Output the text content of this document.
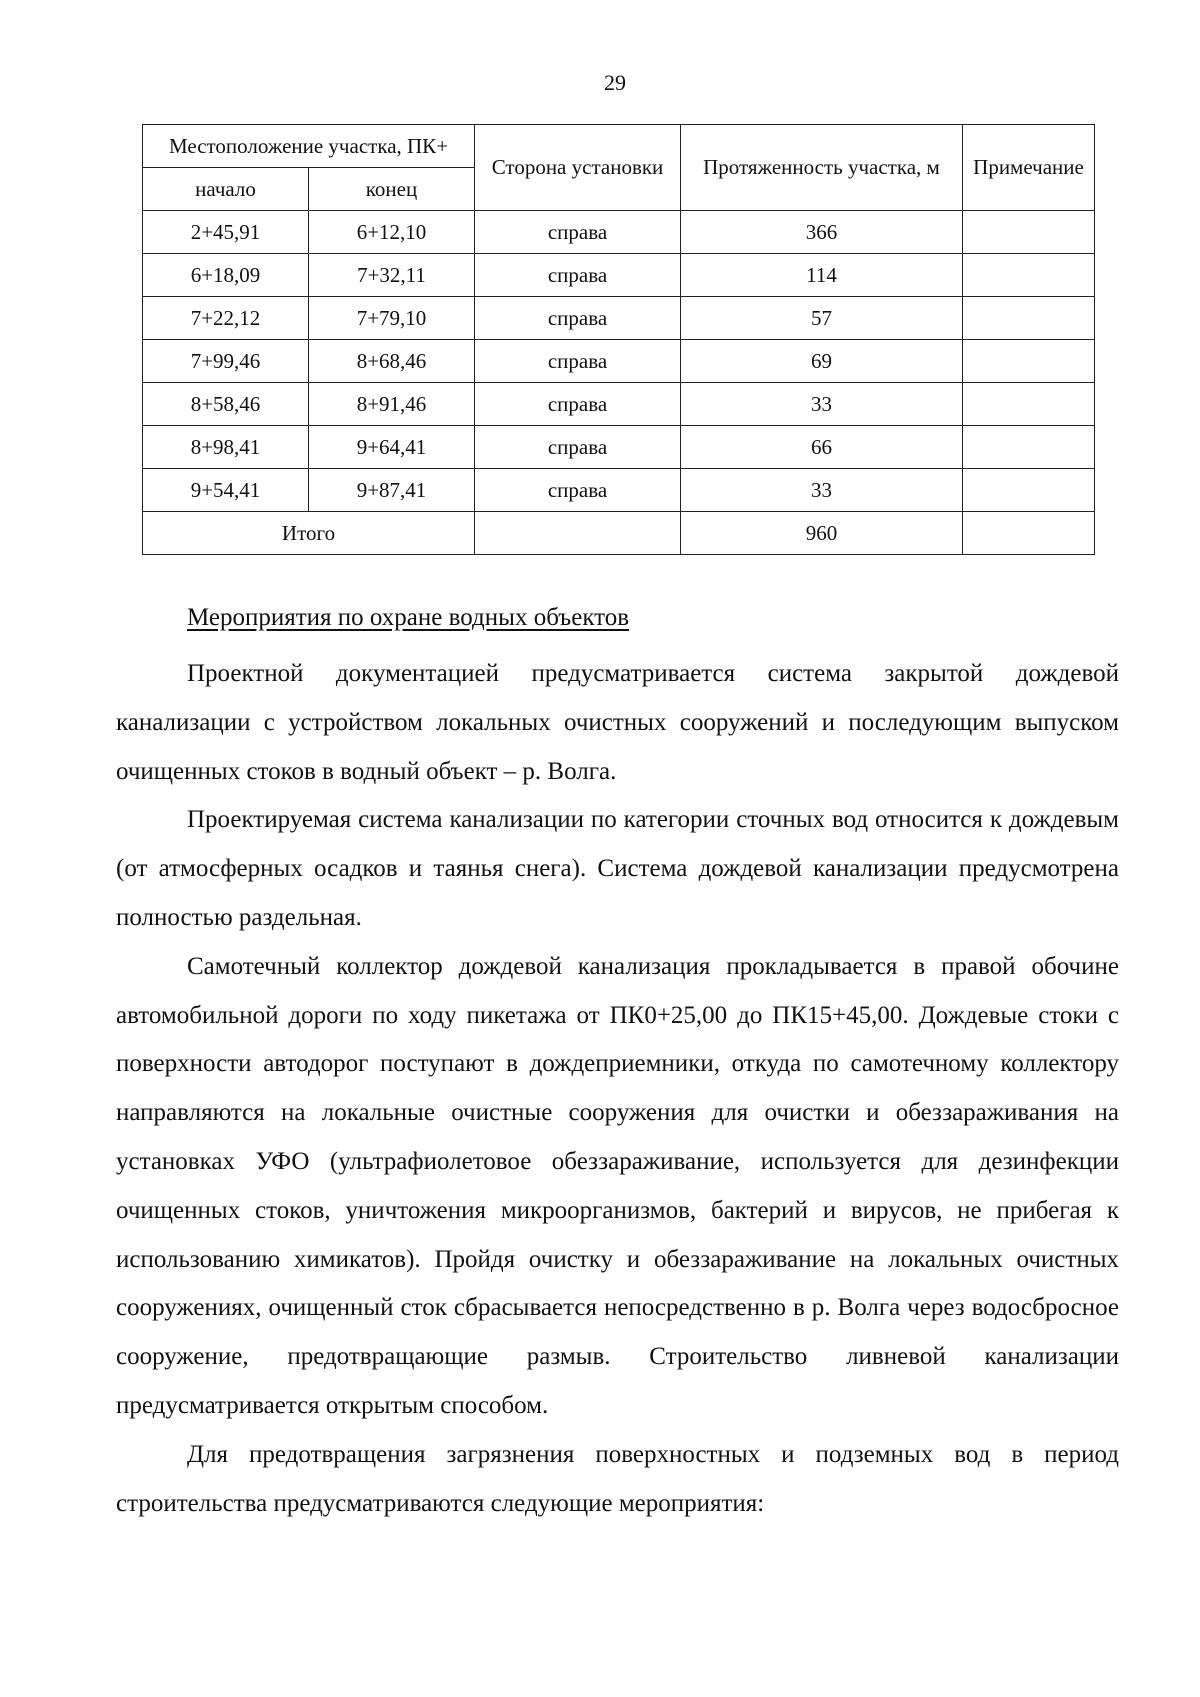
29
Местоположение участка, ПК+		Сторона установки	Протяженность участка, м	Примечание
начало	конец			
2+45,91	6+12,10	справа	366	
6+18,09	7+32,11	справа	114	
7+22,12	7+79,10	справа	57	
7+99,46	8+68,46	справа	69	
8+58,46	8+91,46	справа	33	
8+98,41	9+64,41	справа	66	
9+54,41	9+87,41	справа	33	
Итого			960	
Мероприятия по охране водных объектов

Проектной документацией предусматривается система закрытой дождевой канализации с устройством локальных очистных сооружений и последующим выпуском очищенных стоков в водный объект – р. Волга.

Проектируемая система канализации по категории сточных вод относится к дождевым (от атмосферных осадков и таянья снега). Система дождевой канализации предусмотрена полностью раздельная.

Самотечный коллектор дождевой канализация прокладывается в правой обочине автомобильной дороги по ходу пикетажа от ПК0+25,00 до ПК15+45,00. Дождевые стоки с поверхности автодорог поступают в дождеприемники, откуда по самотечному коллектору направляются на локальные очистные сооружения для очистки и обеззараживания на установках УФО (ультрафиолетовое обеззараживание, используется для дезинфекции очищенных стоков, уничтожения микроорганизмов, бактерий и вирусов, не прибегая к использованию химикатов). Пройдя очистку и обеззараживание на локальных очистных сооружениях, очищенный сток сбрасывается непосредственно в р. Волга через водосбросное сооружение, предотвращающие размыв. Строительство ливневой канализации предусматривается открытым способом.

Для предотвращения загрязнения поверхностных и подземных вод в период строительства предусматриваются следующие мероприятия:
